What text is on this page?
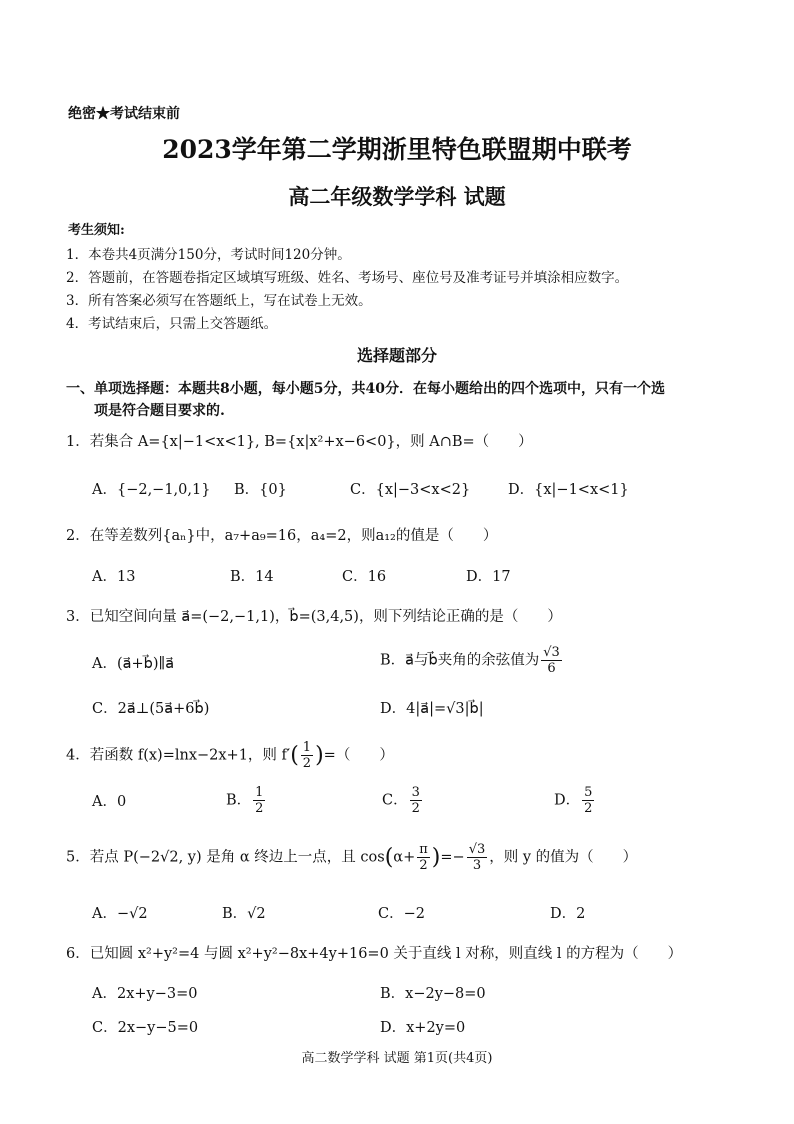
绝密★考试结束前
2023学年第二学期浙里特色联盟期中联考
高二年级数学学科 试题
考生须知:
1．本卷共4页满分150分，考试时间120分钟。
2．答题前，在答题卷指定区域填写班级、姓名、考场号、座位号及准考证号并填涂相应数字。
3．所有答案必须写在答题纸上，写在试卷上无效。
4．考试结束后，只需上交答题纸。
选择题部分
一、单项选择题：本题共8小题，每小题5分，共40分．在每小题给出的四个选项中，只有一个选
项是符合题目要求的.
1．若集合 A={x|−1<x<1}, B={x|x²+x−6<0}，则 A∩B=（　　）
A．{−2,−1,0,1} B．{0}	C．{x|−3<x<2}	D．{x|−1<x<1}
2．在等差数列{aₙ}中，a₇+a₉=16，a₄=2，则a₁₂的值是（　　）
A．13	B．14	C．16	D．17
3．已知空间向量 a⃗=(−2,−1,1)，b⃗=(3,4,5)，则下列结论正确的是（　　）
A．(a⃗+b⃗)∥a⃗	B．a⃗与b⃗夹角的余弦值为 $\frac{√3}{6}$
C．2a⃗⊥(5a⃗+6b⃗)	D．4|a⃗|=√3|b⃗|
4．若函数 f(x)=lnx−2x+1，则 $f'( \frac{1}{2}$ )=（　　）
A．0	B． $\frac{1}{2}$	C． $\frac{3}{2}$	D． $\frac{5}{2}$
5．若点 P(−2√2, y) 是角 α 终边上一点，且 $\cos(\alpha+ \frac{\pi}{2}$ )=− $\frac{√3}{3}$ ，则 y 的值为（　　）
A．−√2	B．√2	C．−2	D．2
6．已知圆 x²+y²=4 与圆 x²+y²−8x+4y+16=0 关于直线 l 对称，则直线 l 的方程为（　　）
A．2x+y−3=0	B．x−2y−8=0
C．2x−y−5=0	D．x+2y=0
高二数学学科 试题 第1页(共4页)
